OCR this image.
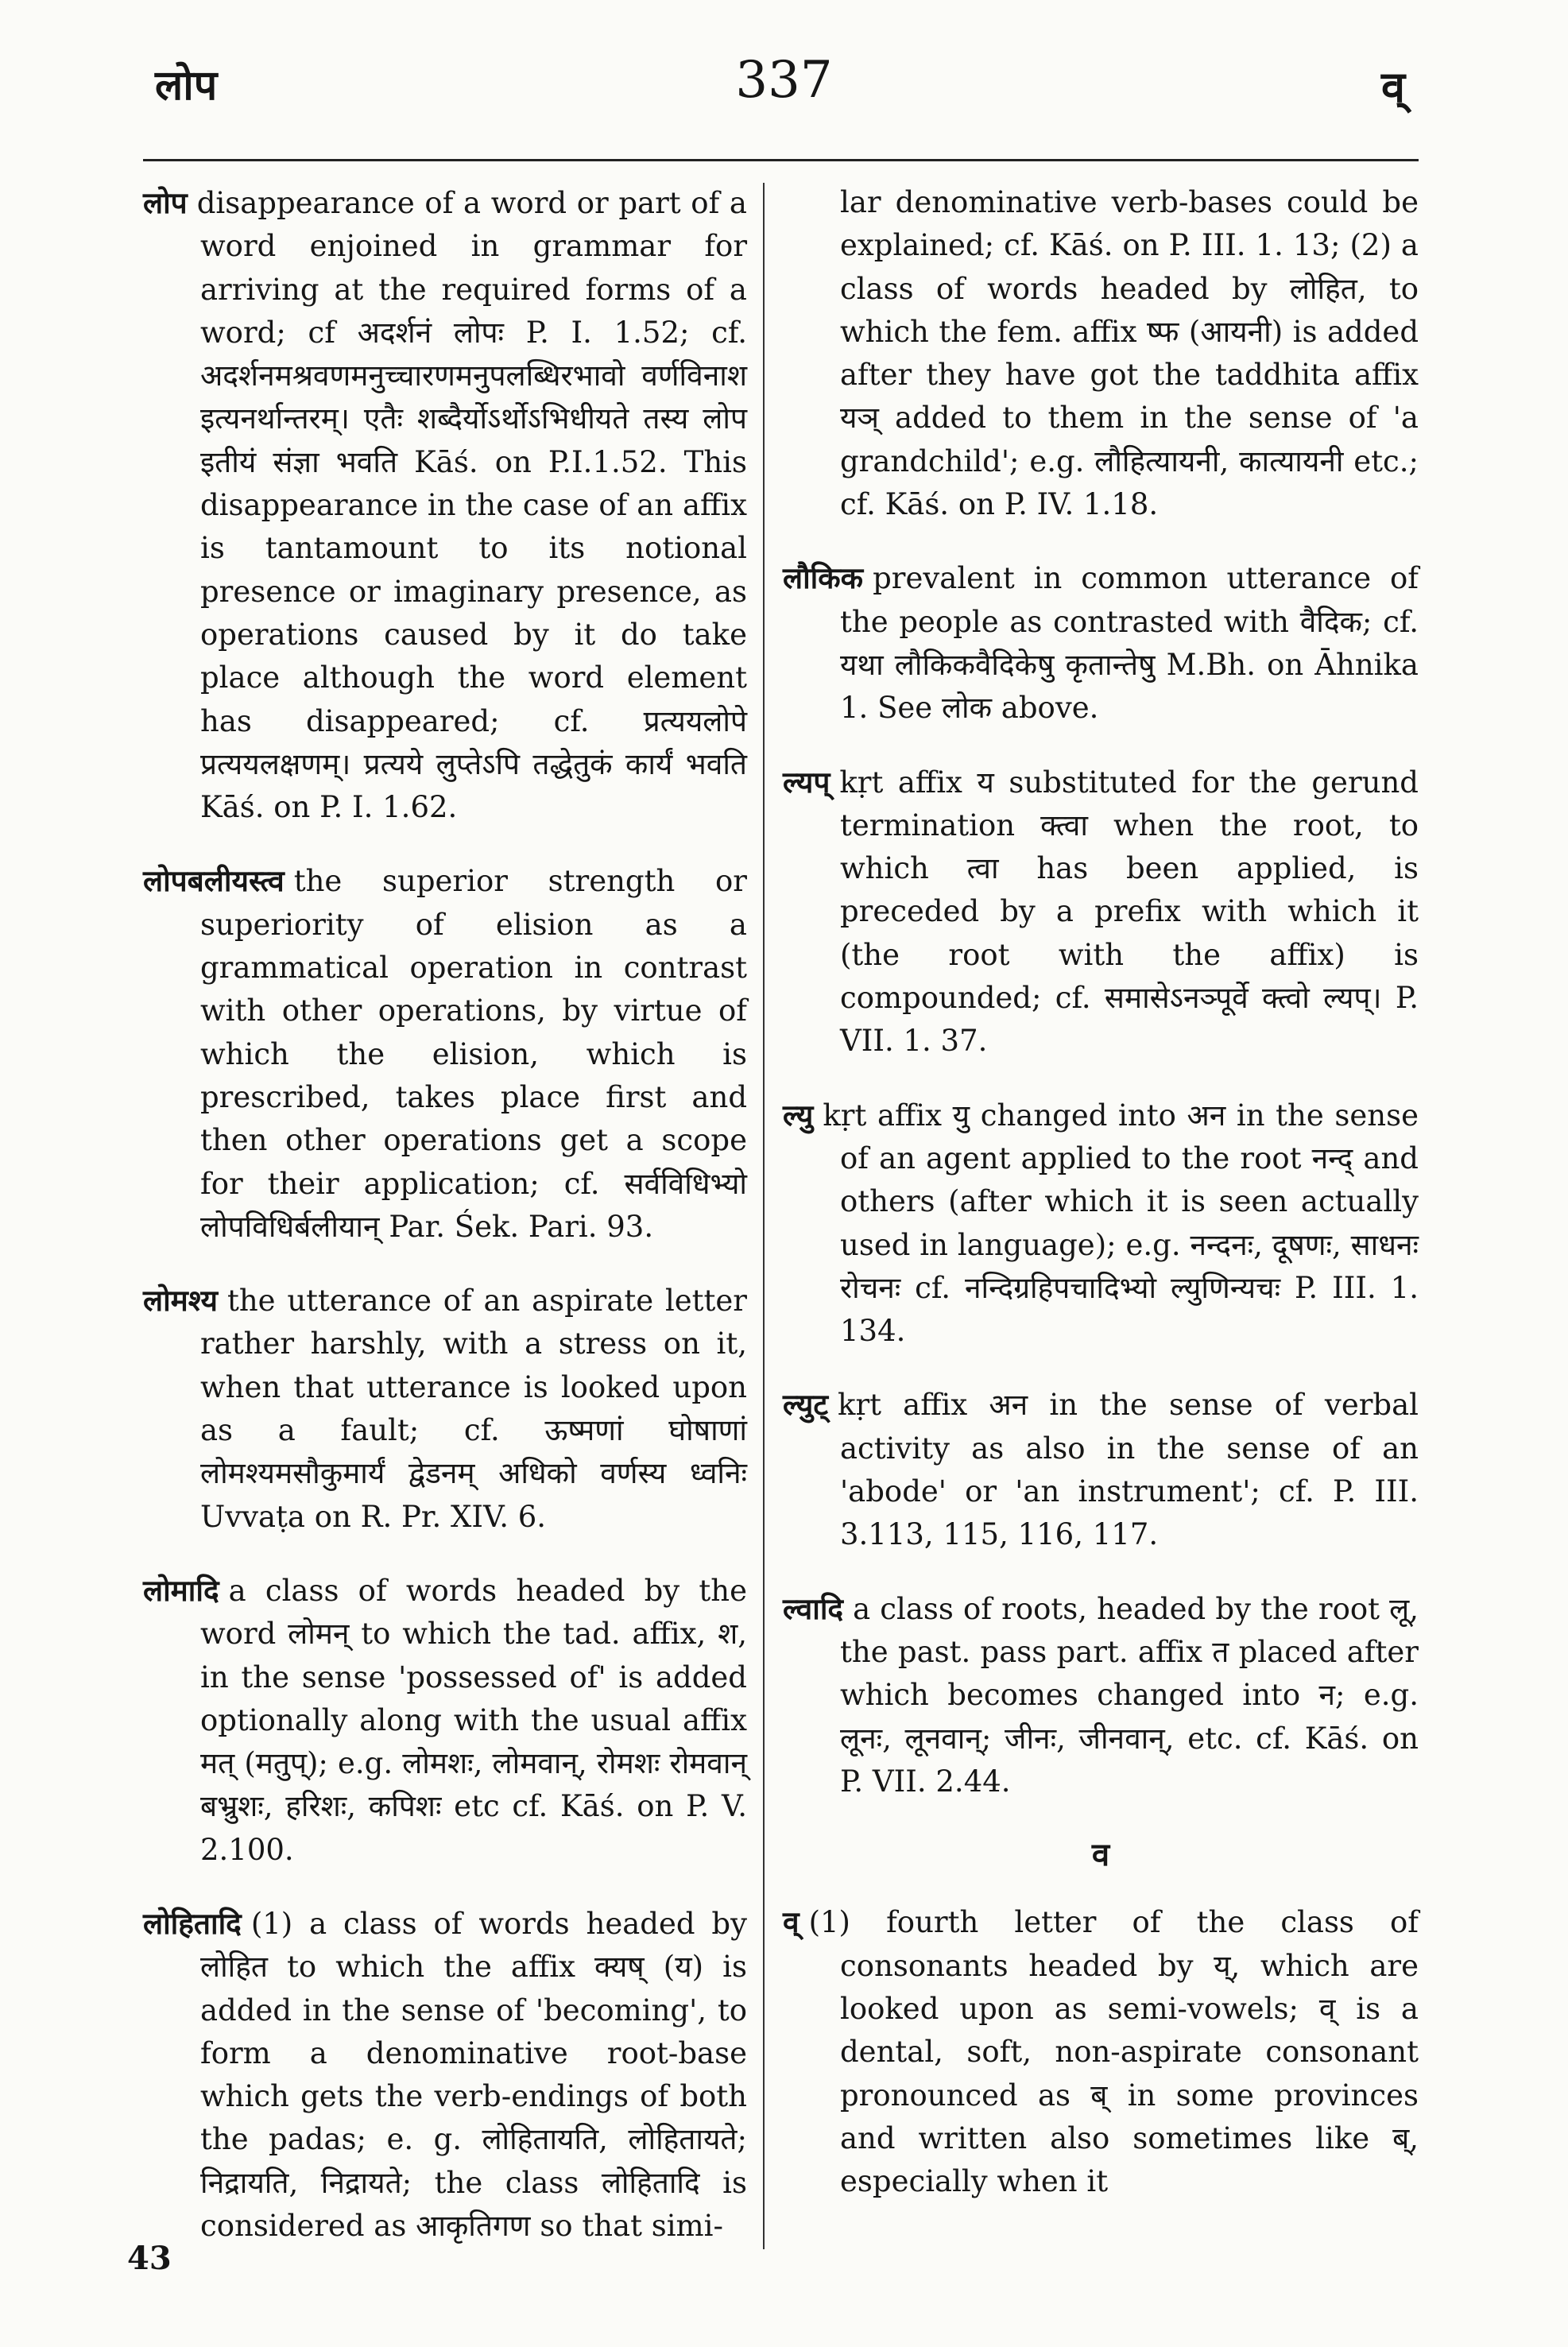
लोप	337	व्

लोप disappearance of a word or part of a word enjoined in grammar for arriving at the required forms of a word; cf अदर्शनं लोपः P. I. 1.52; cf. अदर्शनमश्रवणमनुच्चारणमनुपलब्धिरभावो वर्णविनाश इत्यनर्थान्तरम्। एतैः शब्दैर्योऽर्थोऽभिधीयते तस्य लोप इतीयं संज्ञा भवति Kāś. on P.I.1.52. This disappearance in the case of an affix is tantamount to its notional presence or imaginary presence, as operations caused by it do take place although the word element has disappeared; cf. प्रत्ययलोपे प्रत्ययलक्षणम्। प्रत्यये लुप्तेऽपि तद्धेतुकं कार्यं भवति Kāś. on P. I. 1.62.

लोपबलीयस्त्व the superior strength or superiority of elision as a grammatical operation in contrast with other operations, by virtue of which the elision, which is prescribed, takes place first and then other operations get a scope for their application; cf. सर्वविधिभ्यो लोपविधिर्बलीयान् Par. Śek. Pari. 93.

लोमश्य the utterance of an aspirate letter rather harshly, with a stress on it, when that utterance is looked upon as a fault; cf. ऊष्मणां घोषाणां लोमश्यमसौकुमार्यं द्वेडनम् अधिको वर्णस्य ध्वनिः Uvvaṭa on R. Pr. XIV. 6.

लोमादि a class of words headed by the word लोमन् to which the tad. affix, श, in the sense 'possessed of' is added optionally along with the usual affix मत् (मतुप्); e.g. लोमशः, लोमवान्, रोमशः रोमवान् बभ्रुशः, हरिशः, कपिशः etc cf. Kāś. on P. V. 2.100.

लोहितादि (1) a class of words headed by लोहित to which the affix क्यष् (य) is added in the sense of 'becoming', to form a denominative root-base which gets the verb-endings of both the padas; e. g. लोहितायति, लोहितायते; निद्रायति, निद्रायते; the class लोहितादि is considered as आकृतिगण so that simi-

lar denominative verb-bases could be explained; cf. Kāś. on P. III. 1. 13; (2) a class of words headed by लोहित, to which the fem. affix ष्फ (आयनी) is added after they have got the taddhita affix यञ् added to them in the sense of 'a grandchild'; e.g. लौहित्यायनी, कात्यायनी etc.; cf. Kāś. on P. IV. 1.18.

लौकिक prevalent in common utterance of the people as contrasted with वैदिक; cf. यथा लौकिकवैदिकेषु कृतान्तेषु M.Bh. on Āhnika 1. See लोक above.

ल्यप् kṛt affix य substituted for the gerund termination क्त्वा when the root, to which त्वा has been applied, is preceded by a prefix with which it (the root with the affix) is compounded; cf. समासेऽनञ्पूर्वे क्त्वो ल्यप्। P. VII. 1. 37.

ल्यु kṛt affix यु changed into अन in the sense of an agent applied to the root नन्द् and others (after which it is seen actually used in language); e.g. नन्दनः, दूषणः, साधनः रोचनः cf. नन्दिग्रहिपचादिभ्यो ल्युणिन्यचः P. III. 1. 134.

ल्युट् kṛt affix अन in the sense of verbal activity as also in the sense of an 'abode' or 'an instrument'; cf. P. III. 3.113, 115, 116, 117.

ल्वादि a class of roots, headed by the root लू, the past. pass part. affix त placed after which becomes changed into न; e.g. लूनः, लूनवान्; जीनः, जीनवान्, etc. cf. Kāś. on P. VII. 2.44.

व

व् (1) fourth letter of the class of consonants headed by य्, which are looked upon as semi-vowels; व् is a dental, soft, non-aspirate consonant pronounced as ब् in some provinces and written also sometimes like ब्, especially when it

43
